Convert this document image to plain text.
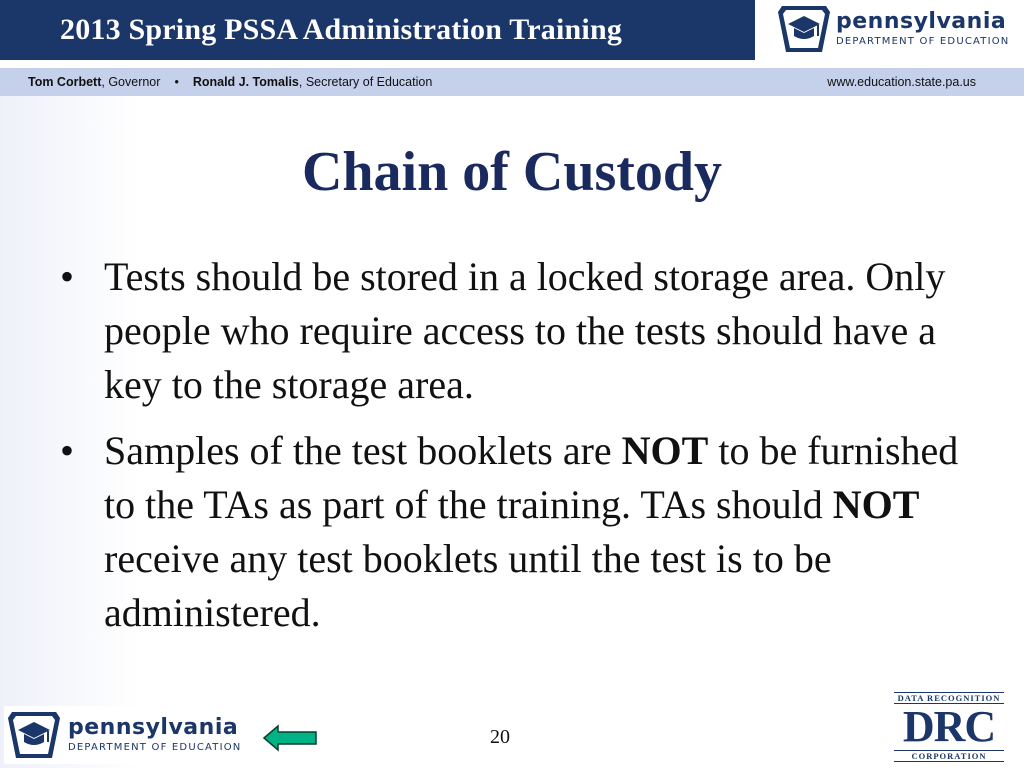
2013 Spring PSSA Administration Training	pennsylvania
DEPARTMENT OF EDUCATION
Tom Corbett, Governor • Ronald J. Tomalis, Secretary of Education	www.education.state.pa.us
Chain of Custody
• Tests should be stored in a locked storage area. Only people who require access to the tests should have a key to the storage area.
• Samples of the test booklets are NOT to be furnished to the TAs as part of the training. TAs should NOT receive any test booklets until the test is to be administered.
pennsylvania
DEPARTMENT OF EDUCATION	20
DATA RECOGNITION
DRC
CORPORATION
